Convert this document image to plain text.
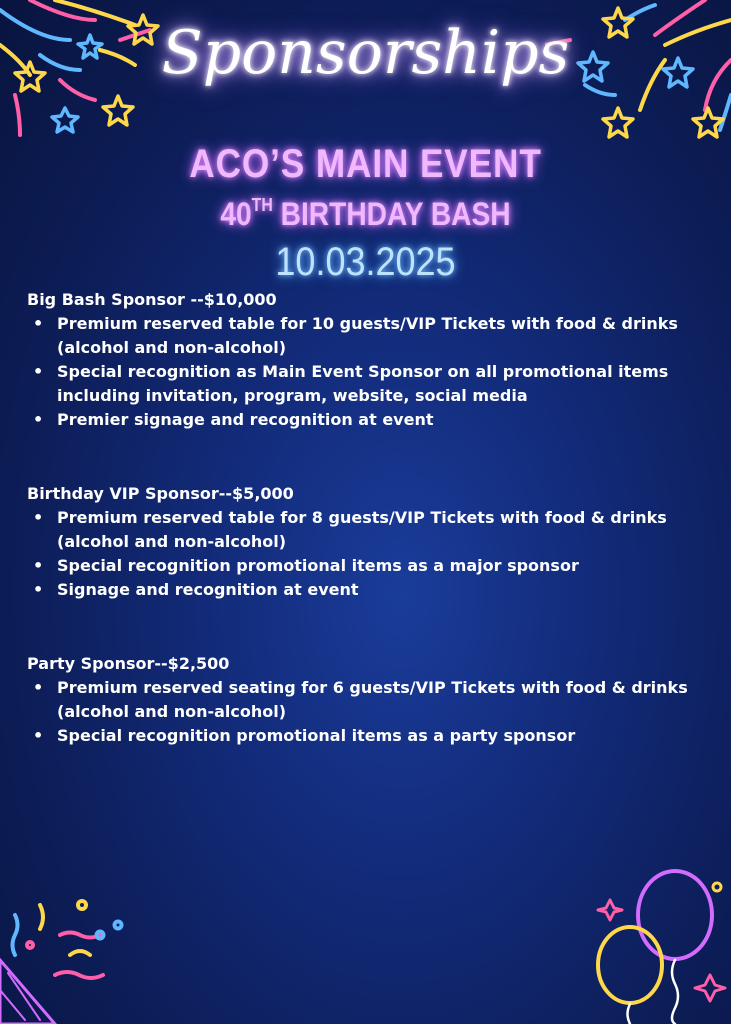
Sponsorships
ACO’S MAIN EVENT
40TH BIRTHDAY BASH
10.03.2025

Big Bash Sponsor --$10,000

• Premium reserved table for 10 guests/VIP Tickets with food & drinks (alcohol and non-alcohol)
• Special recognition as Main Event Sponsor on all promotional items including invitation, program, website, social media
• Premier signage and recognition at event

Birthday VIP Sponsor--$5,000

• Premium reserved table for 8 guests/VIP Tickets with food & drinks (alcohol and non-alcohol)
• Special recognition promotional items as a major sponsor
• Signage and recognition at event

Party Sponsor--$2,500

• Premium reserved seating for 6 guests/VIP Tickets with food & drinks (alcohol and non-alcohol)
• Special recognition promotional items as a party sponsor
